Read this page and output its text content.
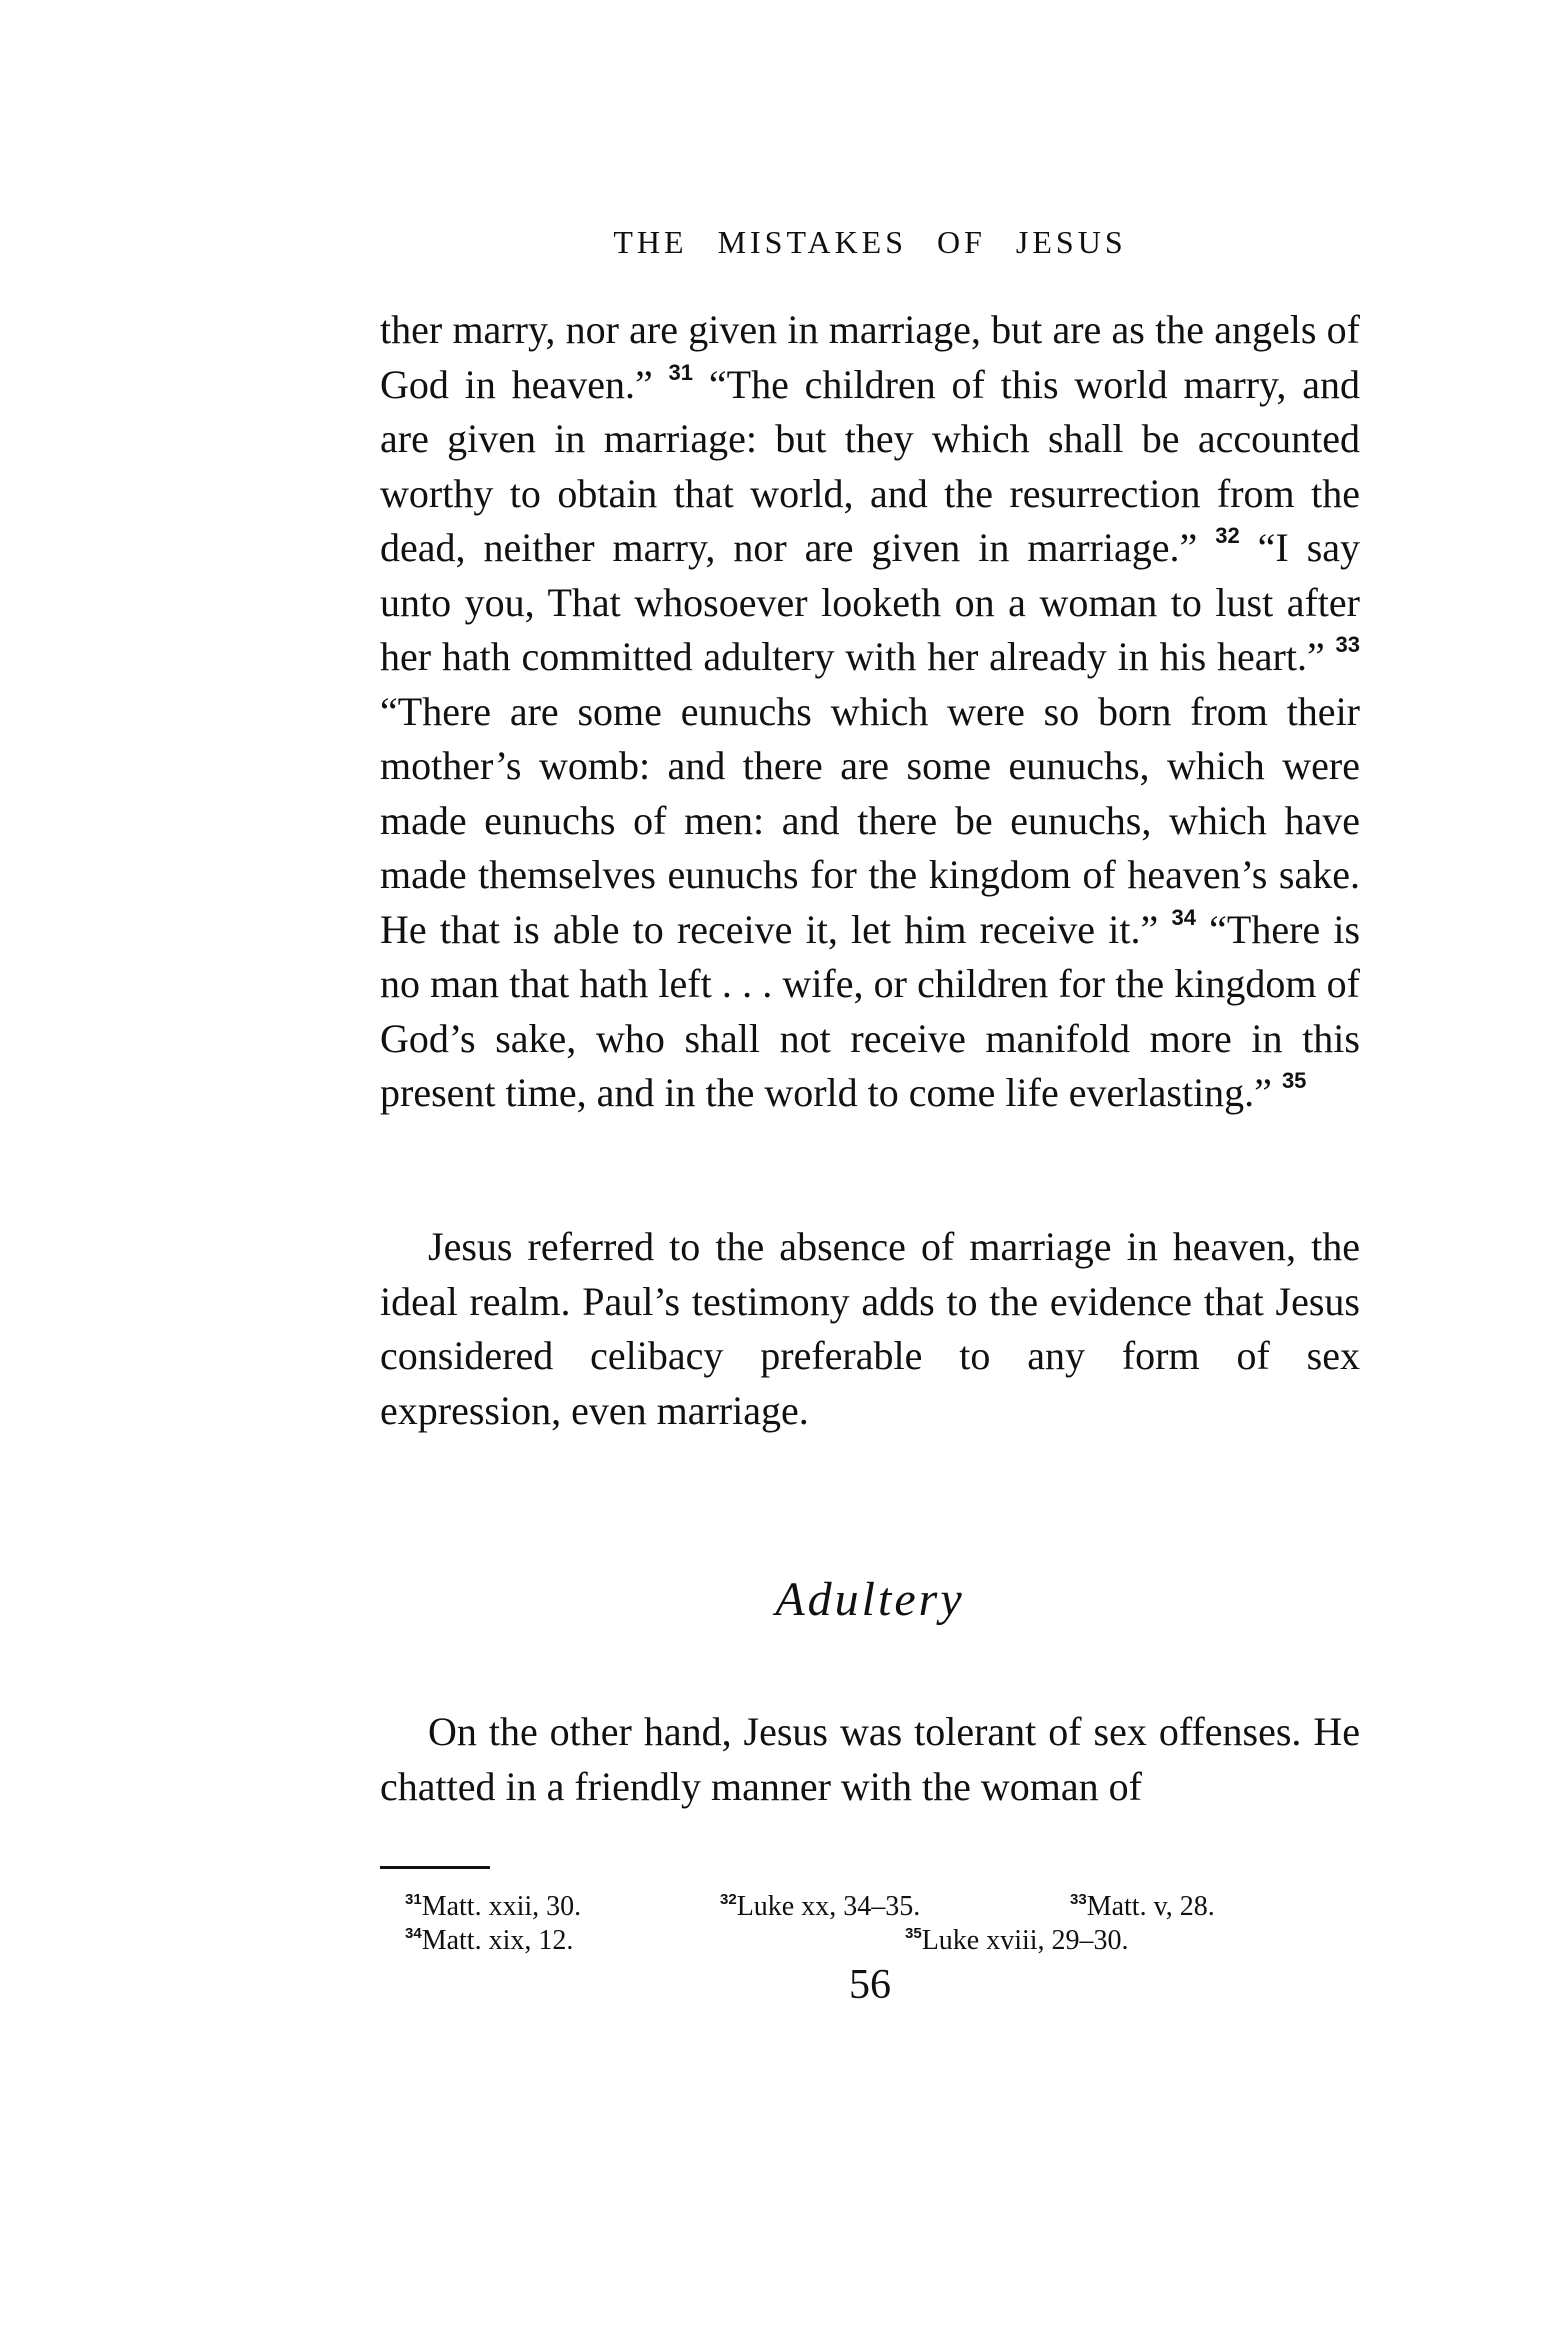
THE MISTAKES OF JESUS

ther marry, nor are given in marriage, but are as the angels of God in heaven.” $^{31}$ “The children of this world marry, and are given in marriage: but they which shall be accounted worthy to obtain that world, and the resurrection from the dead, neither marry, nor are given in marriage.” $^{32}$ “I say unto you, That whosoever looketh on a woman to lust after her hath committed adultery with her already in his heart.” $^{33}$ “There are some eunuchs which were so born from their mother’s womb: and there are some eunuchs, which were made eunuchs of men: and there be eunuchs, which have made themselves eunuchs for the kingdom of heaven’s sake. He that is able to receive it, let him receive it.” $^{34}$ “There is no man that hath left . . . wife, or children for the kingdom of God’s sake, who shall not receive manifold more in this present time, and in the world to come life everlasting.” $^{35}$

Jesus referred to the absence of marriage in heaven, the ideal realm. Paul’s testimony adds to the evidence that Jesus considered celibacy preferable to any form of sex expression, even marriage.

Adultery

On the other hand, Jesus was tolerant of sex offenses. He chatted in a friendly manner with the woman of

$^{31}$Matt. xxii, 30.	$^{32}$Luke xx, 34–35.	$^{33}$Matt. v, 28.
$^{34}$Matt. xix, 12.	$^{35}$Luke xviii, 29–30.
56
